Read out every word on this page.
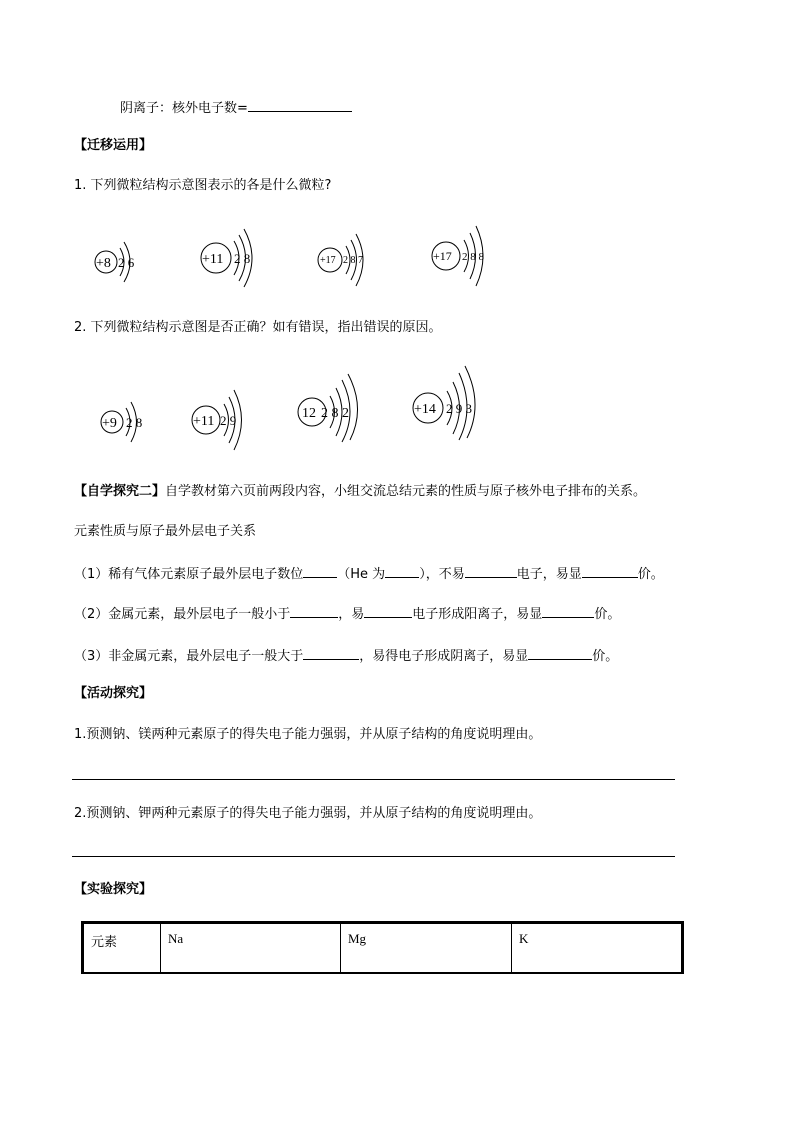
阴离子：核外电子数=
【迁移运用】
1. 下列微粒结构示意图表示的各是什么微粒?
+8 2 6	+11 2 8	+17 2 8 7	+17 2 8 8
2. 下列微粒结构示意图是否正确？如有错误，指出错误的原因。
+9 2 8	+11 2 9	12 2 8 2	+14 2 9 3
【自学探究二】自学教材第六页前两段内容，小组交流总结元素的性质与原子核外电子排布的关系。
元素性质与原子最外层电子关系
（1）稀有气体元素原子最外层电子数位	（He 为	），不易	电子，易显	价。
（2）金属元素，最外层电子一般小于	，易	电子形成阳离子，易显	价。
（3）非金属元素，最外层电子一般大于	，易得电子形成阴离子，易显	价。
【活动探究】
1.预测钠、镁两种元素原子的得失电子能力强弱，并从原子结构的角度说明理由。
2.预测钠、钾两种元素原子的得失电子能力强弱，并从原子结构的角度说明理由。
【实验探究】
元素	Na	Mg	K
